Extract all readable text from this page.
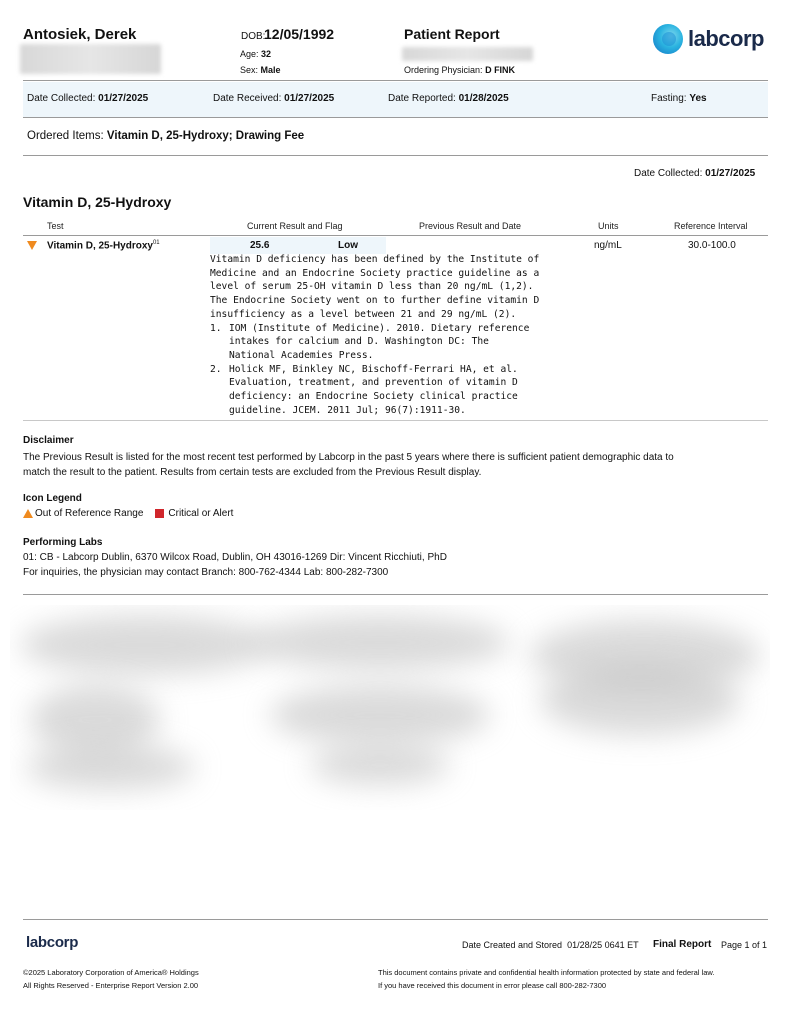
Antosiek, Derek	DOB:
12/05/1992
Age: 32
Sex: Male
Patient Report
Ordering Physician: D FINK
labcorp
Date Collected: 01/27/2025	Date Received: 01/27/2025	Date Reported: 01/28/2025	Fasting: Yes
Ordered Items: Vitamin D, 25-Hydroxy; Drawing Fee
Date Collected: 01/27/2025
Vitamin D, 25-Hydroxy
Test	Current Result and Flag	Previous Result and Date	Units	Reference Interval
Vitamin D, 25-Hydroxy$^{01}$	25.6	Low	ng/mL	30.0-100.0

Vitamin D deficiency has been defined by the Institute of

Medicine and an Endocrine Society practice guideline as a

level of serum 25-OH vitamin D less than 20 ng/mL (1,2).

The Endocrine Society went on to further define vitamin D

insufficiency as a level between 21 and 29 ng/mL (2).

1. IOM (Institute of Medicine). 2010. Dietary reference

intakes for calcium and D. Washington DC: The

National Academies Press.

2. Holick MF, Binkley NC, Bischoff-Ferrari HA, et al.

Evaluation, treatment, and prevention of vitamin D

deficiency: an Endocrine Society clinical practice

guideline. JCEM. 2011 Jul; 96(7):1911-30.

Disclaimer
The Previous Result is listed for the most recent test performed by Labcorp in the past 5 years where there is sufficient patient demographic data to
match the result to the patient. Results from certain tests are excluded from the Previous Result display.
Icon Legend
Out of Reference Range	Critical or Alert
Performing Labs
01: CB - Labcorp Dublin, 6370 Wilcox Road, Dublin, OH 43016-1269 Dir: Vincent Ricchiuti, PhD
For inquiries, the physician may contact Branch: 800-762-4344 Lab: 800-282-7300
labcorp	Date Created and Stored  01/28/25 0641 ET Final Report Page 1 of 1
©2025 Laboratory Corporation of America® Holdings
All Rights Reserved - Enterprise Report Version 2.00
This document contains private and confidential health information protected by state and federal law.
If you have received this document in error please call 800-282-7300
